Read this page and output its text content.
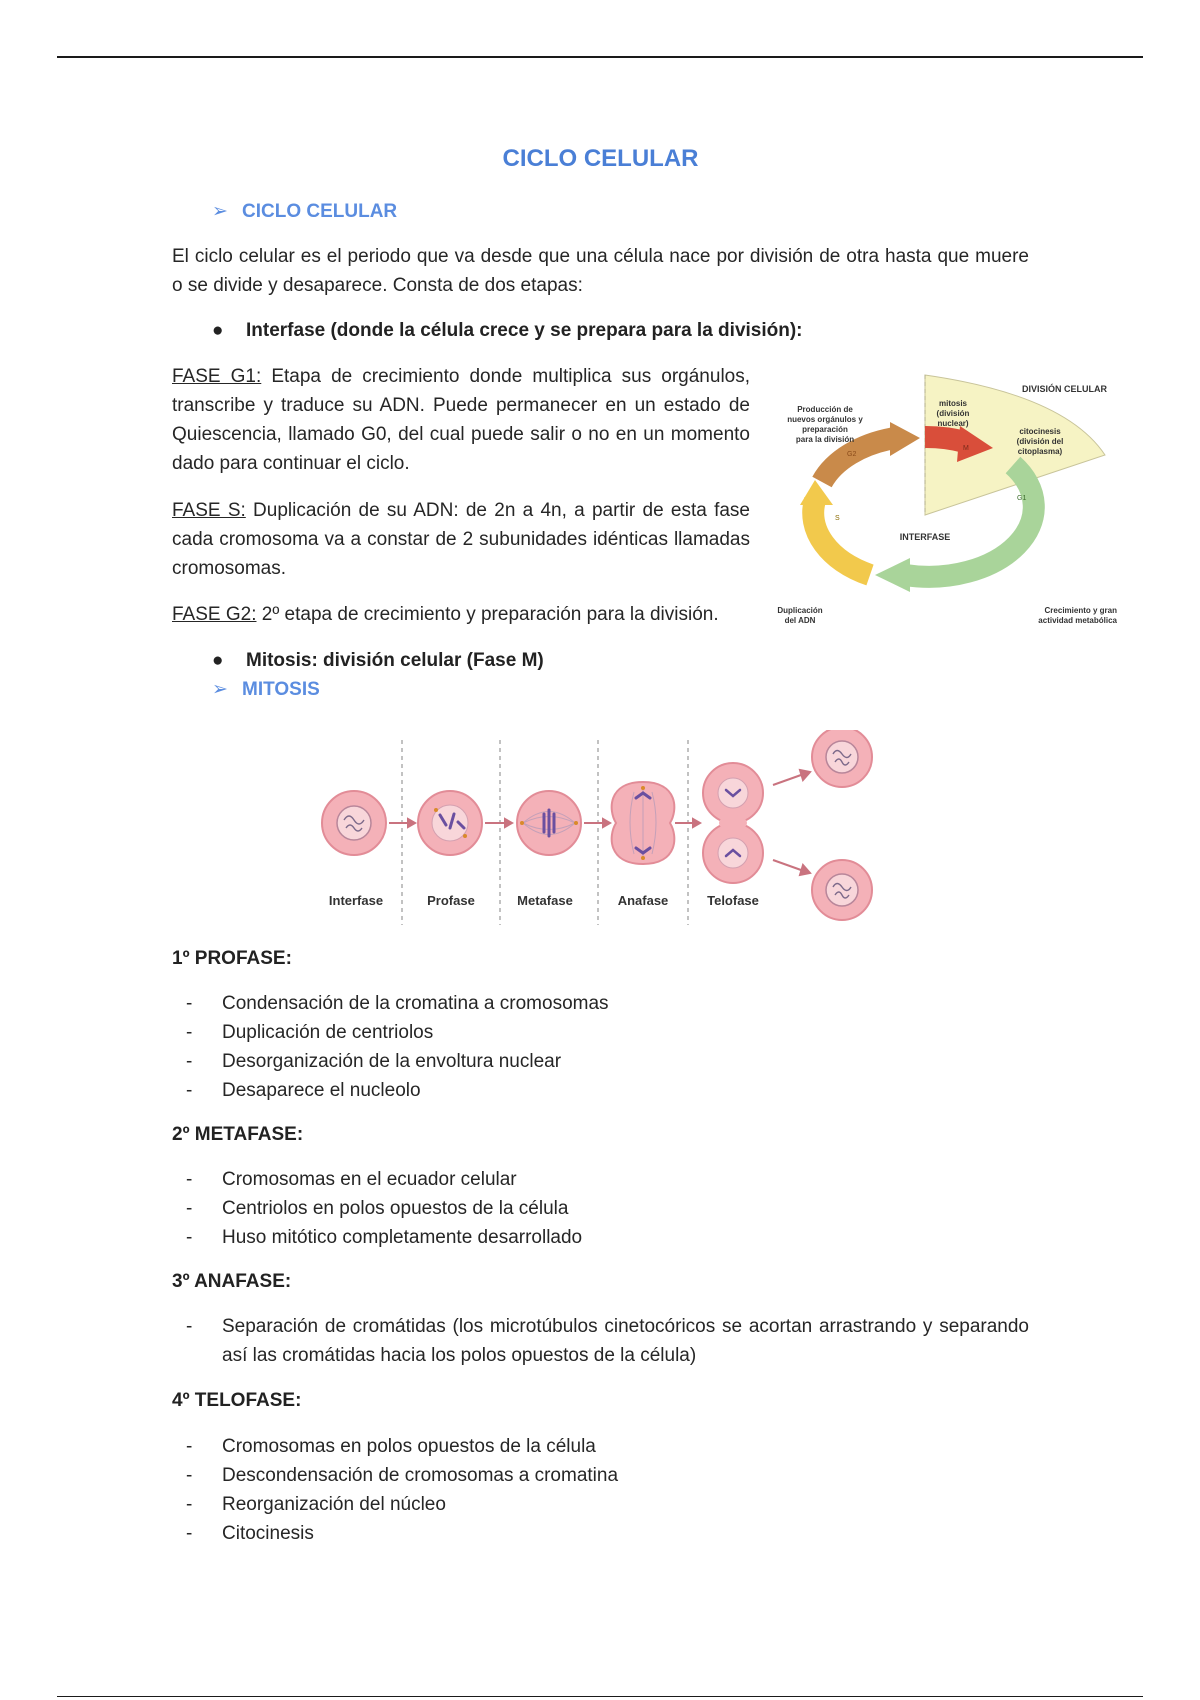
CICLO CELULAR
➢ CICLO CELULAR
El ciclo celular es el periodo que va desde que una célula nace por división de otra hasta que muere o se divide y desaparece. Consta de dos etapas:
● Interfase (donde la célula crece y se prepara para la división):
FASE G1: Etapa de crecimiento donde multiplica sus orgánulos, transcribe y traduce su ADN. Puede permanecer en un estado de Quiescencia, llamado G0, del cual puede salir o no en un momento dado para continuar el ciclo.
FASE S: Duplicación de su ADN: de 2n a 4n, a partir de esta fase cada cromosoma va a constar de 2 subunidades idénticas llamadas cromosomas.
FASE G2: 2º etapa de crecimiento y preparación para la división.
● Mitosis: división celular (Fase M)
➢ MITOSIS
1º PROFASE:
- Condensación de la cromatina a cromosomas
- Duplicación de centriolos
- Desorganización de la envoltura nuclear
- Desaparece el nucleolo
2º METAFASE:
- Cromosomas en el ecuador celular
- Centriolos en polos opuestos de la célula
- Huso mitótico completamente desarrollado
3º ANAFASE:
- Separación de cromátidas (los microtúbulos cinetocóricos se acortan arrastrando y separando así las cromátidas hacia los polos opuestos de la célula)
4º TELOFASE:
- Cromosomas en polos opuestos de la célula
- Descondensación de cromosomas a cromatina
- Reorganización del núcleo
- Citocinesis
DIVISIÓN CELULAR
mitosis
(división
nuclear)
citocinesis
(división del
citoplasma)
G2
M
G1
S
INTERFASE
Producción de
nuevos orgánulos y
preparación
para la división
Duplicación
del ADN
Crecimiento y gran
actividad metabólica
Interfase	Profase	Metafase	Anafase	Telofase
